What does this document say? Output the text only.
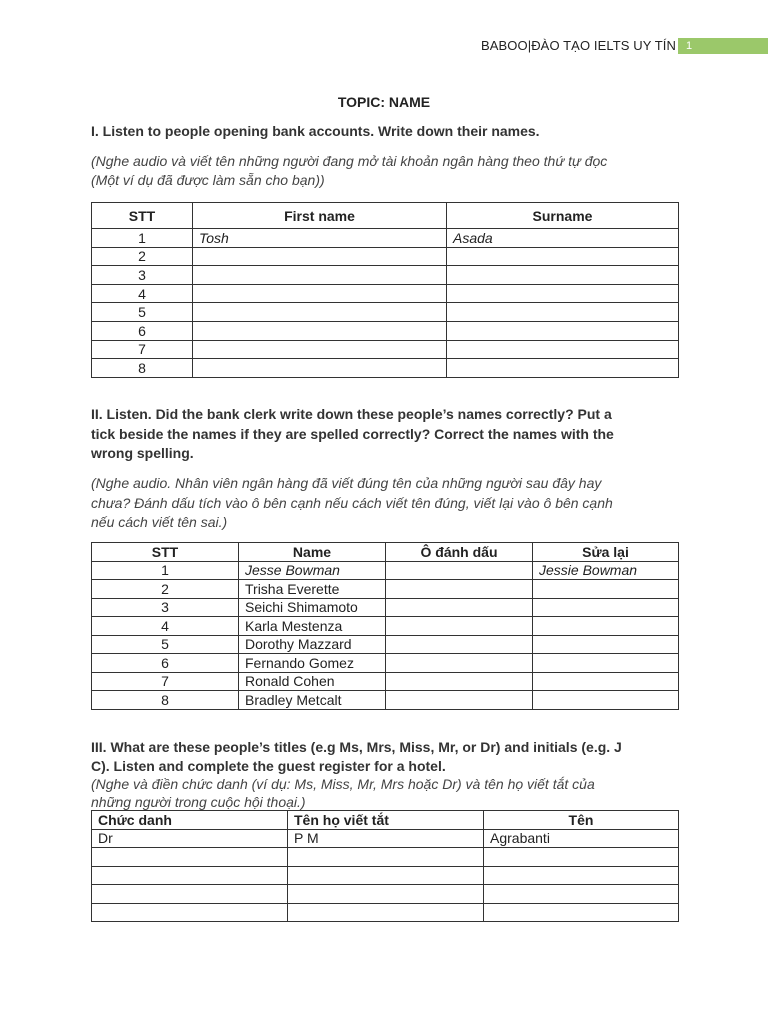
BABOO|ĐÀO TẠO IELTS UY TÍN 1
TOPIC: NAME
I. Listen to people opening bank accounts. Write down their names.
(Nghe audio và viết tên những người đang mở tài khoản ngân hàng theo thứ tự đọc
(Một ví dụ đã được làm sẵn cho bạn))
STT	First name	Surname
1	Tosh	Asada
2		
3		
4		
5		
6		
7		
8		
II. Listen. Did the bank clerk write down these people’s names correctly? Put a
tick beside the names if they are spelled correctly? Correct the names with the
wrong spelling.
(Nghe audio. Nhân viên ngân hàng đã viết đúng tên của những người sau đây hay
chưa? Đánh dấu tích vào ô bên cạnh nếu cách viết tên đúng, viết lại vào ô bên cạnh
nếu cách viết tên sai.)
STT	Name	Ô đánh dấu	Sửa lại
1	Jesse Bowman		Jessie Bowman
2	Trisha Everette		
3	Seichi Shimamoto		
4	Karla Mestenza		
5	Dorothy Mazzard		
6	Fernando Gomez		
7	Ronald Cohen		
8	Bradley Metcalt		
III. What are these people’s titles (e.g Ms, Mrs, Miss, Mr, or Dr) and initials (e.g. J
C). Listen and complete the guest register for a hotel.
(Nghe và điền chức danh (ví dụ: Ms, Miss, Mr, Mrs hoặc Dr) và tên họ viết tắt của
những người trong cuộc hội thoại.)
Chức danh	Tên họ viết tắt	Tên
Dr	P M	Agrabanti
